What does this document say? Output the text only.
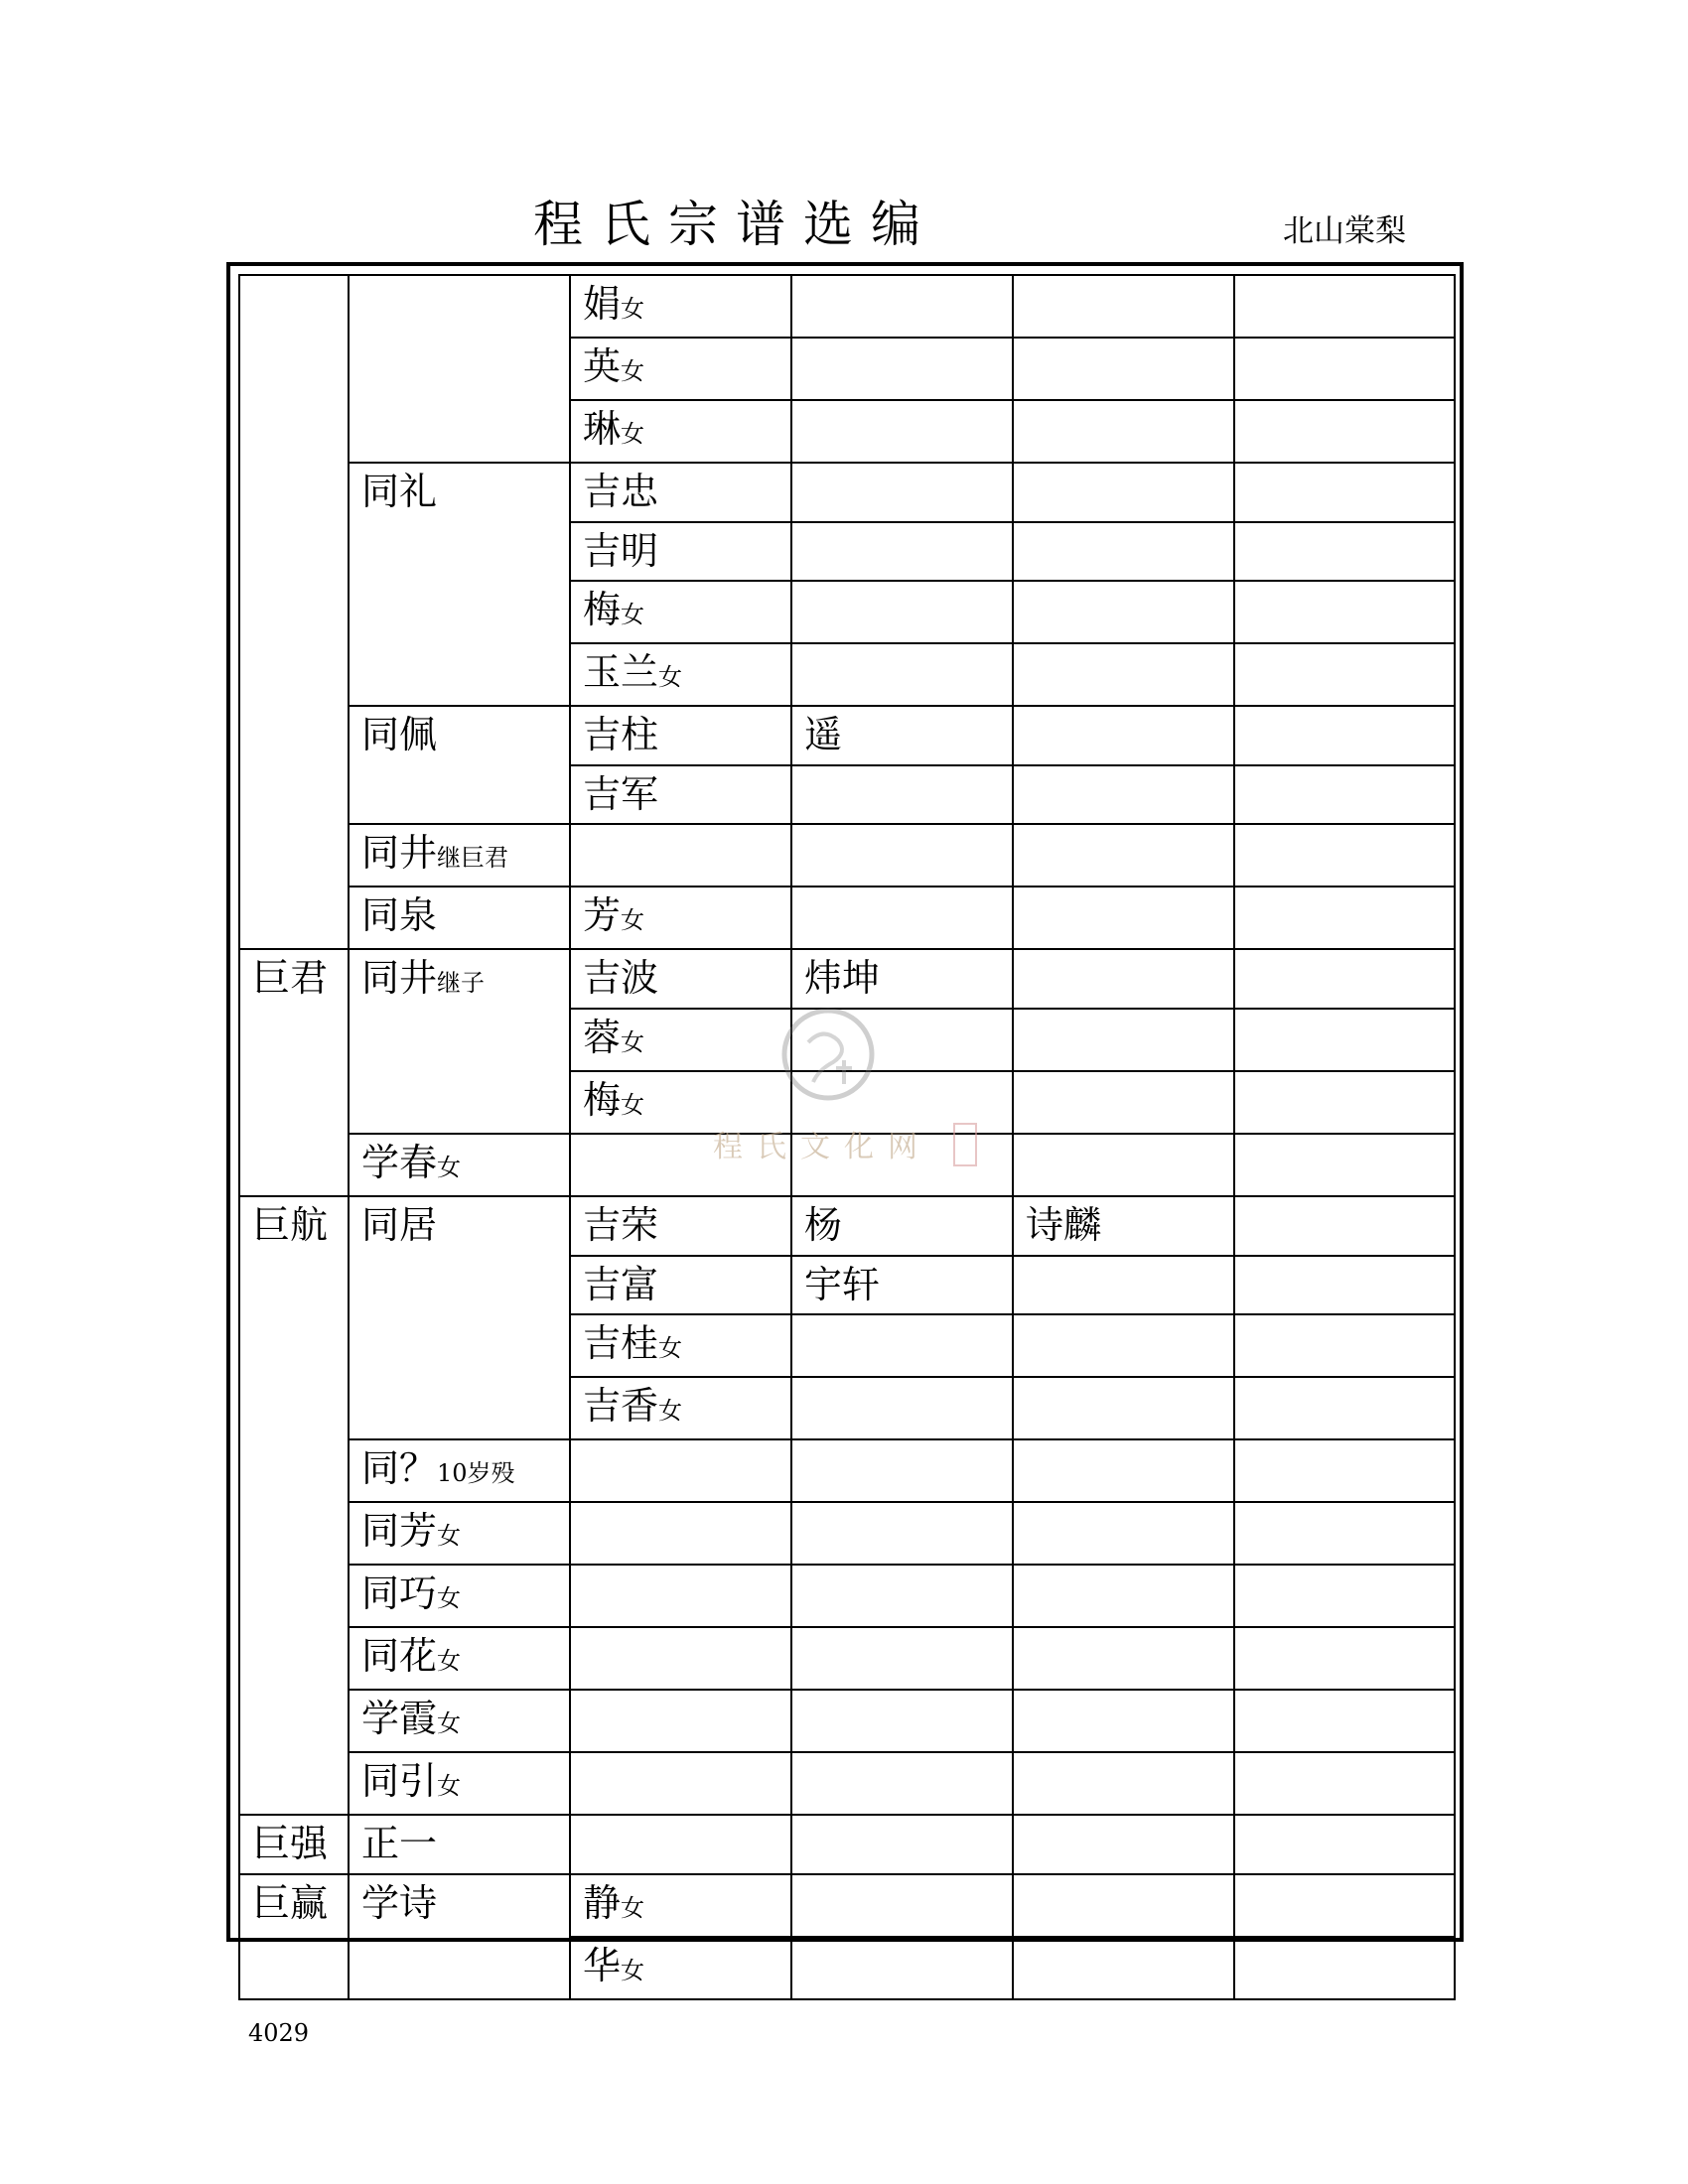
程氏宗谱选编	北山棠梨
		娟女			
		英女			
		琳女			
	同礼	吉忠			
		吉明			
		梅女			
		玉兰女			
	同佩	吉柱	遥		
		吉军			
	同井继巨君				
	同泉	芳女			
巨君	同井继子	吉波	炜坤		
		蓉女			
		梅女			
	学春女				
巨航	同居	吉荣	杨	诗麟	
		吉富	宇轩		
		吉桂女			
		吉香女			
	同？10岁殁				
	同芳女				
	同巧女				
	同花女				
	学霞女				
	同引女				
巨强	正一				
巨赢	学诗	静女			
		华女			
程氏文化网
4029
